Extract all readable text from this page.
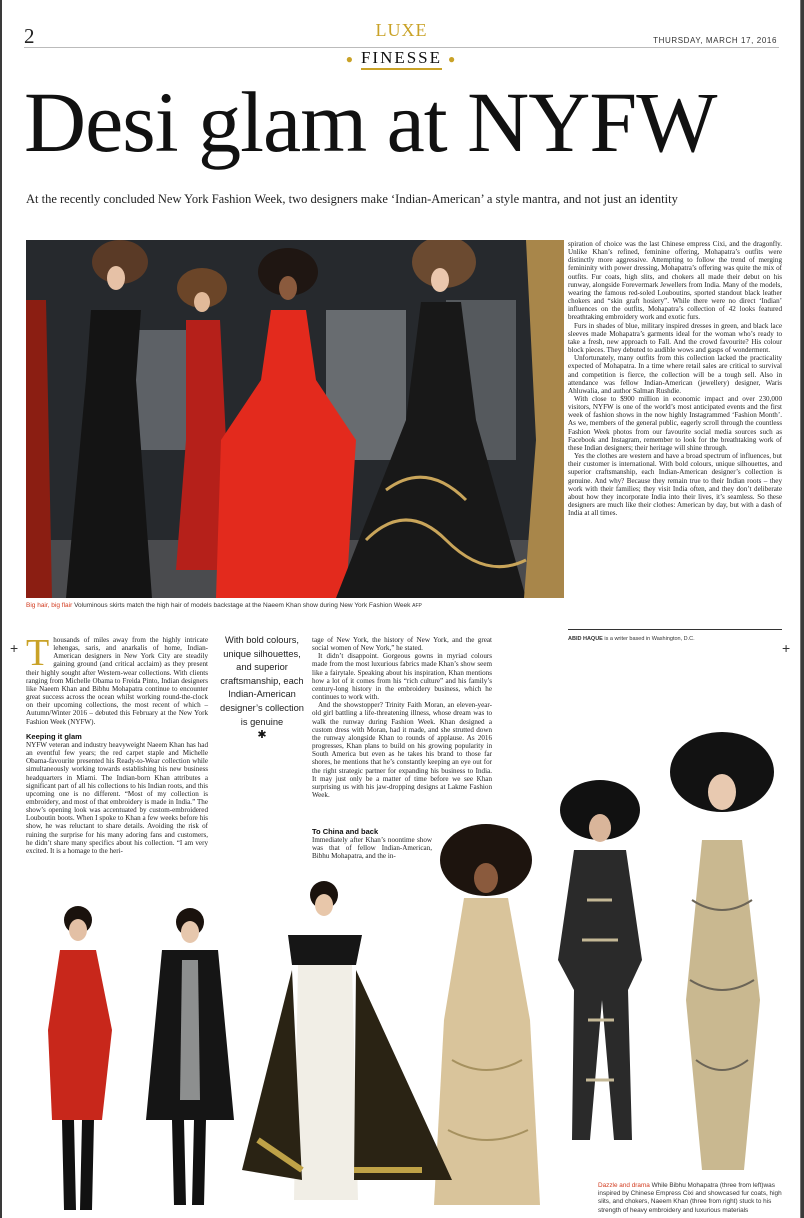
2	LUXE
● FINESSE ●
THURSDAY, MARCH 17, 2016
Desi glam at NYFW
At the recently concluded New York Fashion Week, two designers make ‘Indian-American’ a style mantra, and not just an identity
Big hair, big flair Voluminous skirts match the high hair of models backstage at the Naeem Khan show during New York Fashion Week AFP

spiration of choice was the last Chinese empress Cixi, and the dragonfly. Unlike Khan’s refined, feminine offering, Mohapatra’s outfits were distinctly more aggressive. Attempting to follow the trend of merging femininity with power dressing, Mohapatra’s offering was quite the mix of outfits. Fur coats, high slits, and chokers all made their debut on his runway, alongside Forevermark Jewellers from India. Many of the models, wearing the famous red-soled Louboutins, sported standout black leather chokers and “skin graft hosiery”. While there were no direct ‘Indian’ influences on the outfits, Mohapatra’s collection of 42 looks featured breathtaking embroidery work and exotic furs.

Furs in shades of blue, military inspired dresses in green, and black lace sleeves made Mohapatra’s garments ideal for the woman who’s ready to take a fresh, new approach to Fall. And the crowd favourite? His colour block pieces. They debuted to audible wows and gasps of wonderment.

Unfortunately, many outfits from this collection lacked the practicality expected of Mohapatra. In a time where retail sales are critical to survival and competition is fierce, the collection will be a tough sell. Also in attendance was fellow Indian-American (jewellery) designer, Waris Ahluwalia, and author Salman Rushdie.

With close to $900 million in economic impact and over 230,000 visitors, NYFW is one of the world’s most anticipated events and the first week of fashion shows in the now highly Instagrammed ‘Fashion Month’. As we, members of the general public, eagerly scroll through the countless Fashion Week photos from our favourite social media sources such as Facebook and Instagram, remember to look for the breathtaking work of these Indian designers; their heritage will shine through.

Yes the clothes are western and have a broad spectrum of influences, but their customer is international. With bold colours, unique silhouettes, and superior craftsmanship, each Indian-American designer’s collection is genuine. And why? Because they remain true to their Indian roots – they work with their families; they visit India often, and they don’t deliberate about how they incorporate India into their lives, it’s seamless. So these designers are much like their clothes: American by day, but with a dash of India at all times.

ABID HAQUE is a writer based in Washington, D.C.
+	+

Thousands of miles away from the highly intricate lehengas, saris, and anarkalis of home, Indian-American designers in New York City are steadily gaining ground (and critical acclaim) as they present their highly sought after Western-wear collections. With clients ranging from Michelle Obama to Freida Pinto, Indian designers like Naeem Khan and Bibhu Mohapatra continue to encounter great success across the ocean whilst working round-the-clock on their upcoming collections, the most recent of which – Autumn/Winter 2016 – debuted this February at the New York Fashion Week (NYFW).

Keeping it glam

NYFW veteran and industry heavyweight Naeem Khan has had an eventful few years; the red carpet staple and Michelle Obama-favourite presented his Ready-to-Wear collection while simultaneously working towards establishing his new business headquarters in Miami. The Indian-born Khan attributes a significant part of all his collections to his Indian roots, and this upcoming one is no different. “Most of my collection is embroidery, and most of that embroidery is made in India.” The show’s opening look was accentuated by custom-embroidered Louboutin boots. When I spoke to Khan a few weeks before his show, he was reluctant to share details. Avoiding the risk of ruining the surprise for his many adoring fans and customers, he didn’t share many specifics about his collection. “I am very excited. It is a homage to the heri-

With bold colours, unique silhouettes, and superior craftsmanship, each Indian-American designer’s collection is genuine
✱

tage of New York, the history of New York, and the great social women of New York,” he stated.

It didn’t disappoint. Gorgeous gowns in myriad colours made from the most luxurious fabrics made Khan’s show seem like a fairytale. Speaking about his inspiration, Khan mentions how a lot of it comes from his “rich culture” and his family’s century-long history in the embroidery business, which he continues to work with.

And the showstopper? Trinity Faith Moran, an eleven-year-old girl battling a life-threatening illness, whose dream was to walk the runway during Fashion Week. Khan designed a custom dress with Moran, had it made, and she strutted down the runway alongside Khan to rounds of applause. As 2016 progresses, Khan plans to build on his growing popularity in South America but even as he takes his brand to those far shores, he mentions that he’s constantly keeping an eye out for the right strategic partner for expanding his business to India. It may just only be a matter of time before we see Khan surprising us with his jaw-dropping designs at Lakme Fashion Week.

To China and back

Immediately after Khan’s noontime show was that of fellow Indian-American, Bibhu Mohapatra, and the in-

Dazzle and drama While Bibhu Mohapatra (three from left)was inspired by Chinese Empress Cixi and showcased fur coats, high slits, and chokers, Naeem Khan (three from right) stuck to his strength of heavy embroidery and luxurious materials
